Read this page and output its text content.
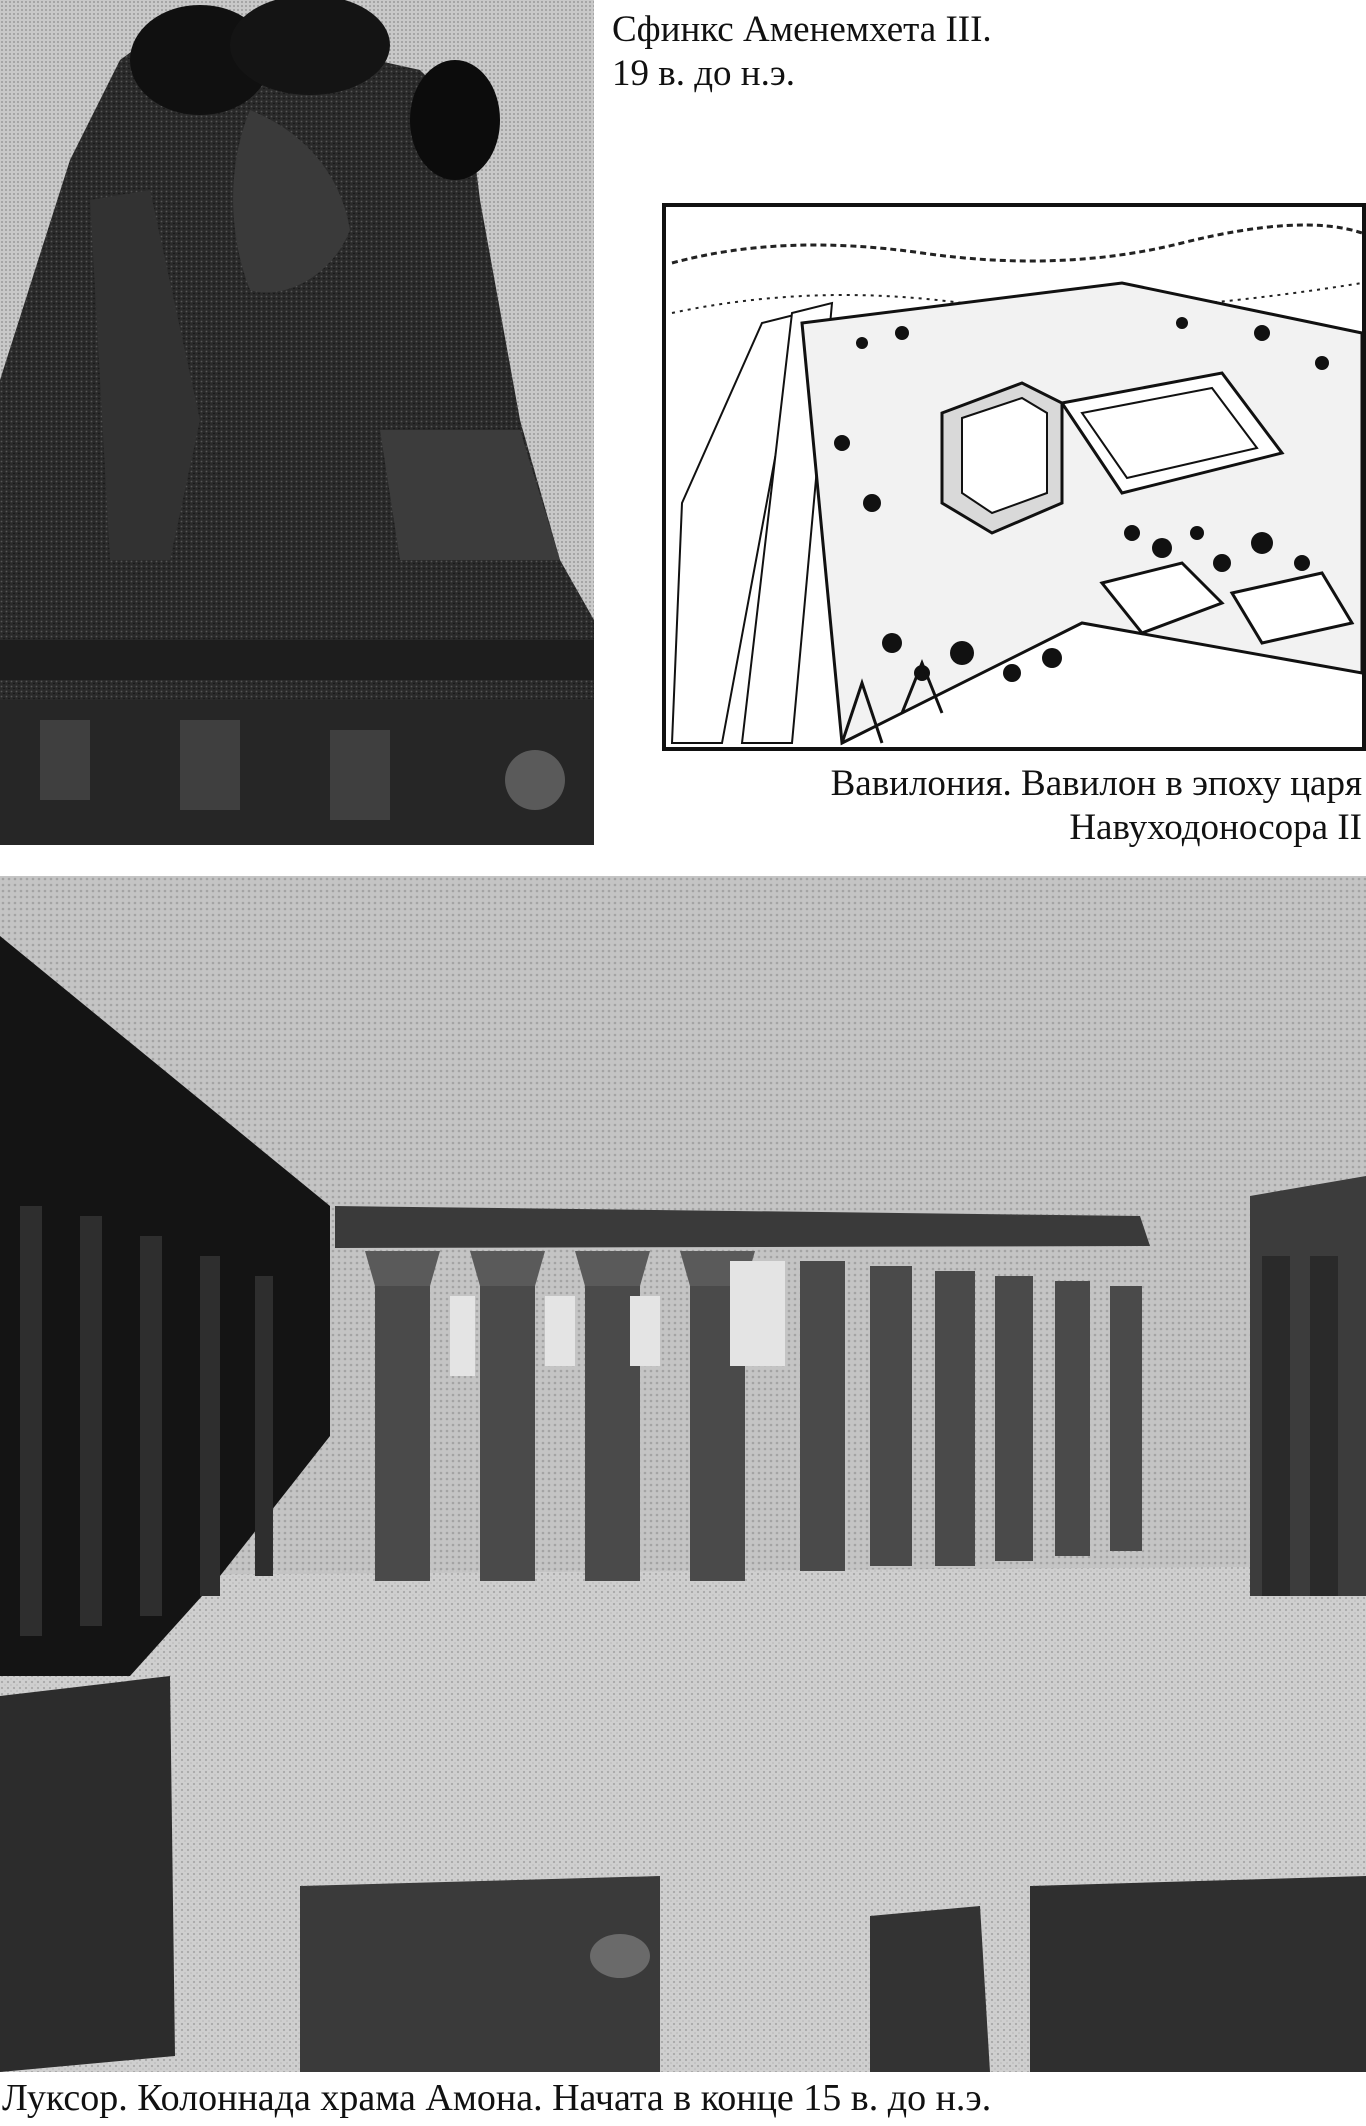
Сфинкс Аменемхета III.
19 в. до н.э.
Вавилония. Вавилон в эпоху царя
Навуходоносора II
Луксор. Колоннада храма Амона. Начата в конце 15 в. до н.э.
